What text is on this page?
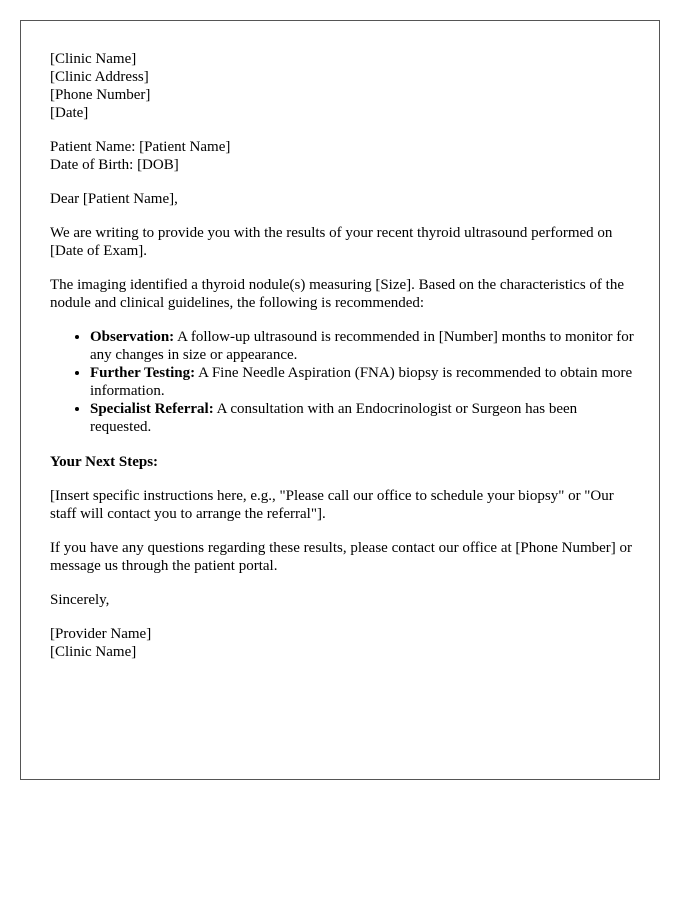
[Clinic Name]
[Clinic Address]
[Phone Number]
[Date]
Patient Name: [Patient Name]
Date of Birth: [DOB]

Dear [Patient Name],

We are writing to provide you with the results of your recent thyroid ultrasound performed on [Date of Exam].

The imaging identified a thyroid nodule(s) measuring [Size]. Based on the characteristics of the nodule and clinical guidelines, the following is recommended:

• Observation: A follow-up ultrasound is recommended in [Number] months to monitor for any changes in size or appearance.
• Further Testing: A Fine Needle Aspiration (FNA) biopsy is recommended to obtain more information.
• Specialist Referral: A consultation with an Endocrinologist or Surgeon has been requested.

Your Next Steps:

[Insert specific instructions here, e.g., "Please call our office to schedule your biopsy" or "Our staff will contact you to arrange the referral"].

If you have any questions regarding these results, please contact our office at [Phone Number] or message us through the patient portal.

Sincerely,

[Provider Name]
[Clinic Name]
